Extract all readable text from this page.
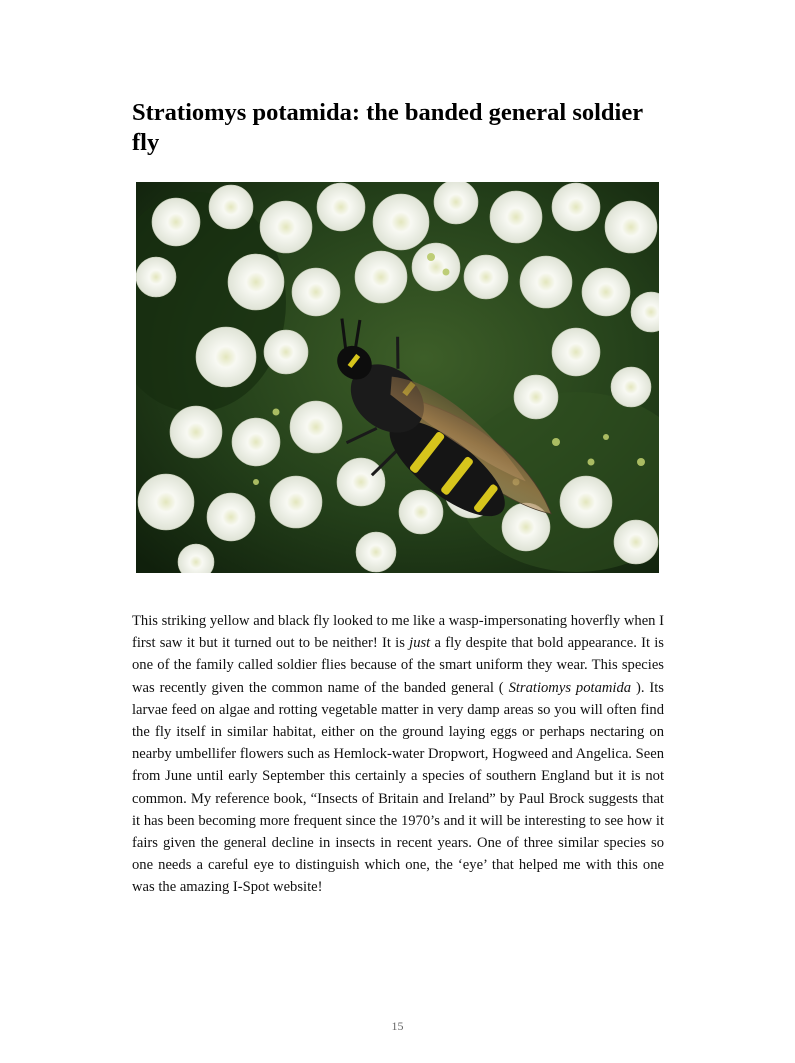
Stratiomys potamida: the banded general soldier fly

This striking yellow and black fly looked to me like a wasp-impersonating hoverfly when I first saw it but it turned out to be neither! It is just a fly despite that bold appearance. It is one of the family called soldier flies because of the smart uniform they wear. This species was recently given the common name of the banded general ( Stratiomys potamida ). Its larvae feed on algae and rotting vegetable matter in very damp areas so you will often find the fly itself in similar habitat, either on the ground laying eggs or perhaps nectaring on nearby umbellifer flowers such as Hemlock-water Dropwort, Hogweed and Angelica. Seen from June until early September this certainly a species of southern England but it is not common. My reference book, “Insects of Britain and Ireland” by Paul Brock suggests that it has been becoming more frequent since the 1970’s and it will be interesting to see how it fairs given the general decline in insects in recent years. One of three similar species so one needs a careful eye to distinguish which one, the ‘eye’ that helped me with this one was the amazing I-Spot website!

15
